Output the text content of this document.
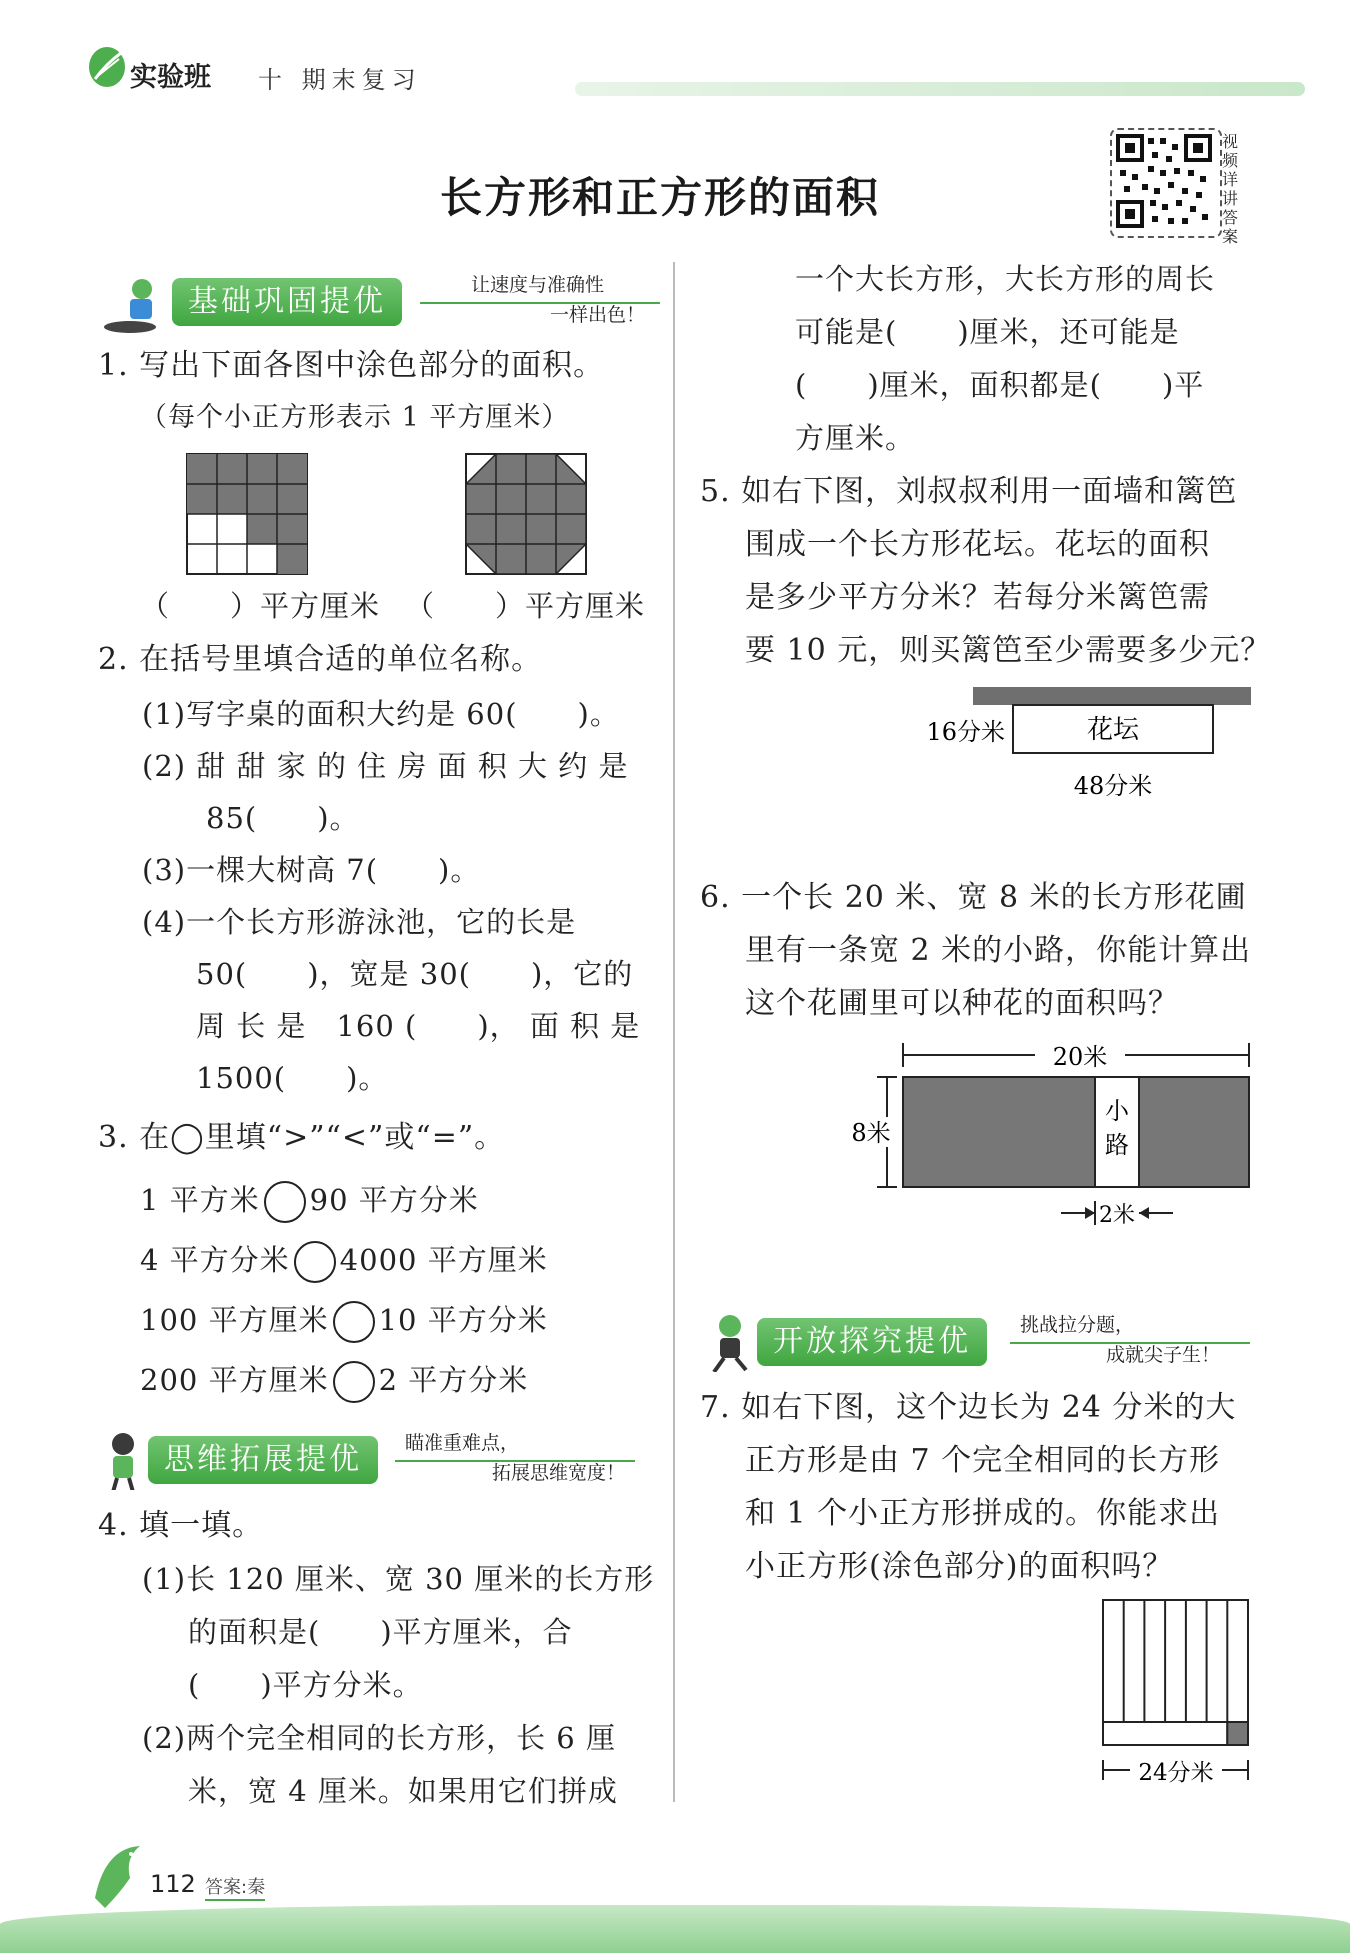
实验班 十 期末复习
长方形和正方形的面积
视频详讲答案
基础巩固提优	让速度与准确性
一样出色！
1. 写出下面各图中涂色部分的面积。
（每个小正方形表示 1 平方厘米）
（　　）平方厘米 （　　）平方厘米
2. 在括号里填合适的单位名称。
(1)写字桌的面积大约是 60(　　)。
(2) 甜 甜 家 的 住 房 面 积 大 约 是
85(　　)。
(3)一棵大树高 7(　　)。
(4)一个长方形游泳池，它的长是
50(　　)，宽是 30(　　)，它的
周 长 是　160 (　　)， 面 积 是
1500(　　)。
3. 在◯里填“>”“<”或“=”。
1 平方米 90 平方分米
4 平方分米 4000 平方厘米
100 平方厘米 10 平方分米
200 平方厘米 2 平方分米
思维拓展提优	瞄准重难点，
拓展思维宽度！
4. 填一填。
(1)长 120 厘米、宽 30 厘米的长方形
的面积是(　　)平方厘米，合
(　　)平方分米。
(2)两个完全相同的长方形，长 6 厘
米，宽 4 厘米。如果用它们拼成
一个大长方形，大长方形的周长
可能是(　　)厘米，还可能是
(　　)厘米，面积都是(　　)平
方厘米。
5. 如右下图，刘叔叔利用一面墙和篱笆
围成一个长方形花坛。花坛的面积
是多少平方分米？若每分米篱笆需
要 10 元，则买篱笆至少需要多少元？
花坛
16分米
48分米
6. 一个长 20 米、宽 8 米的长方形花圃
里有一条宽 2 米的小路，你能计算出
这个花圃里可以种花的面积吗？
20米
小
路
8米
2米
开放探究提优	挑战拉分题，
成就尖子生！
7. 如右下图，这个边长为 24 分米的大
正方形是由 7 个完全相同的长方形
和 1 个小正方形拼成的。你能求出
小正方形(涂色部分)的面积吗？
24分米
112 答案:秦
